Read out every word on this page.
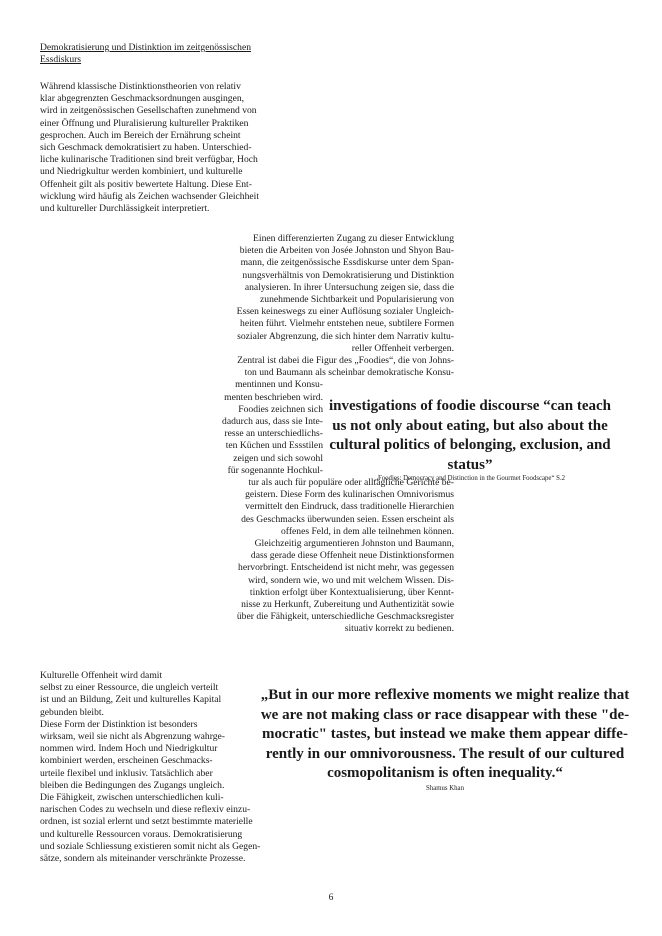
Demokratisierung und Distinktion im zeitgenössischen
Essdiskurs
Während klassische Distinktionstheorien von relativ
klar abgegrenzten Geschmacksordnungen ausgingen,
wird in zeitgenössischen Gesellschaften zunehmend von
einer Öffnung und Pluralisierung kultureller Praktiken
gesprochen. Auch im Bereich der Ernährung scheint
sich Geschmack demokratisiert zu haben. Unterschied-
liche kulinarische Traditionen sind breit verfügbar, Hoch
und Niedrigkultur werden kombiniert, und kulturelle
Offenheit gilt als positiv bewertete Haltung. Diese Ent-
wicklung wird häufig als Zeichen wachsender Gleichheit
und kultureller Durchlässigkeit interpretiert.
Einen differenzierten Zugang zu dieser Entwicklung
bieten die Arbeiten von Josée Johnston und Shyon Bau-
mann, die zeitgenössische Essdiskurse unter dem Span-
nungsverhältnis von Demokratisierung und Distinktion
analysieren. In ihrer Untersuchung zeigen sie, dass die
zunehmende Sichtbarkeit und Popularisierung von
Essen keineswegs zu einer Auflösung sozialer Ungleich-
heiten führt. Vielmehr entstehen neue, subtilere Formen
sozialer Abgrenzung, die sich hinter dem Narrativ kultu-
reller Offenheit verbergen.
Zentral ist dabei die Figur des „Foodies“, die von Johns-
ton und Baumann als scheinbar demokratische Konsu-
mentinnen und Konsu-
menten beschrieben wird.
Foodies zeichnen sich
dadurch aus, dass sie Inte-
resse an unterschiedlichs-
ten Küchen und Essstilen
zeigen und sich sowohl
für sogenannte Hochkul-
tur als auch für populäre oder alltägliche Gerichte be-
geistern. Diese Form des kulinarischen Omnivorismus
vermittelt den Eindruck, dass traditionelle Hierarchien
des Geschmacks überwunden seien. Essen erscheint als
offenes Feld, in dem alle teilnehmen können.
Gleichzeitig argumentieren Johnston und Baumann,
dass gerade diese Offenheit neue Distinktionsformen
hervorbringt. Entscheidend ist nicht mehr, was gegessen
wird, sondern wie, wo und mit welchem Wissen. Dis-
tinktion erfolgt über Kontextualisierung, über Kennt-
nisse zu Herkunft, Zubereitung und Authentizität sowie
über die Fähigkeit, unterschiedliche Geschmacksregister
situativ korrekt zu bedienen.
investigations of foodie discourse “can teach
us not only about eating, but also about the
cultural politics of belonging, exclusion, and
status”
„Foodies: Democracy and Distinction in the Gourmet Foodscape“ S.2
Kulturelle Offenheit wird damit
selbst zu einer Ressource, die ungleich verteilt
ist und an Bildung, Zeit und kulturelles Kapital
gebunden bleibt.
Diese Form der Distinktion ist besonders
wirksam, weil sie nicht als Abgrenzung wahrge-
nommen wird. Indem Hoch und Niedrigkultur
kombiniert werden, erscheinen Geschmacks-
urteile flexibel und inklusiv. Tatsächlich aber
bleiben die Bedingungen des Zugangs ungleich.
Die Fähigkeit, zwischen unterschiedlichen kuli-
narischen Codes zu wechseln und diese reflexiv einzu-
ordnen, ist sozial erlernt und setzt bestimmte materielle
und kulturelle Ressourcen voraus. Demokratisierung
und soziale Schliessung existieren somit nicht als Gegen-
sätze, sondern als miteinander verschränkte Prozesse.
„But in our more reflexive moments we might realize that
we are not making class or race disappear with these "de-
mocratic" tastes, but instead we make them appear diffe-
rently in our omnivorousness. The result of our cultured
cosmopolitanism is often inequality.“
Shamus Khan
6
